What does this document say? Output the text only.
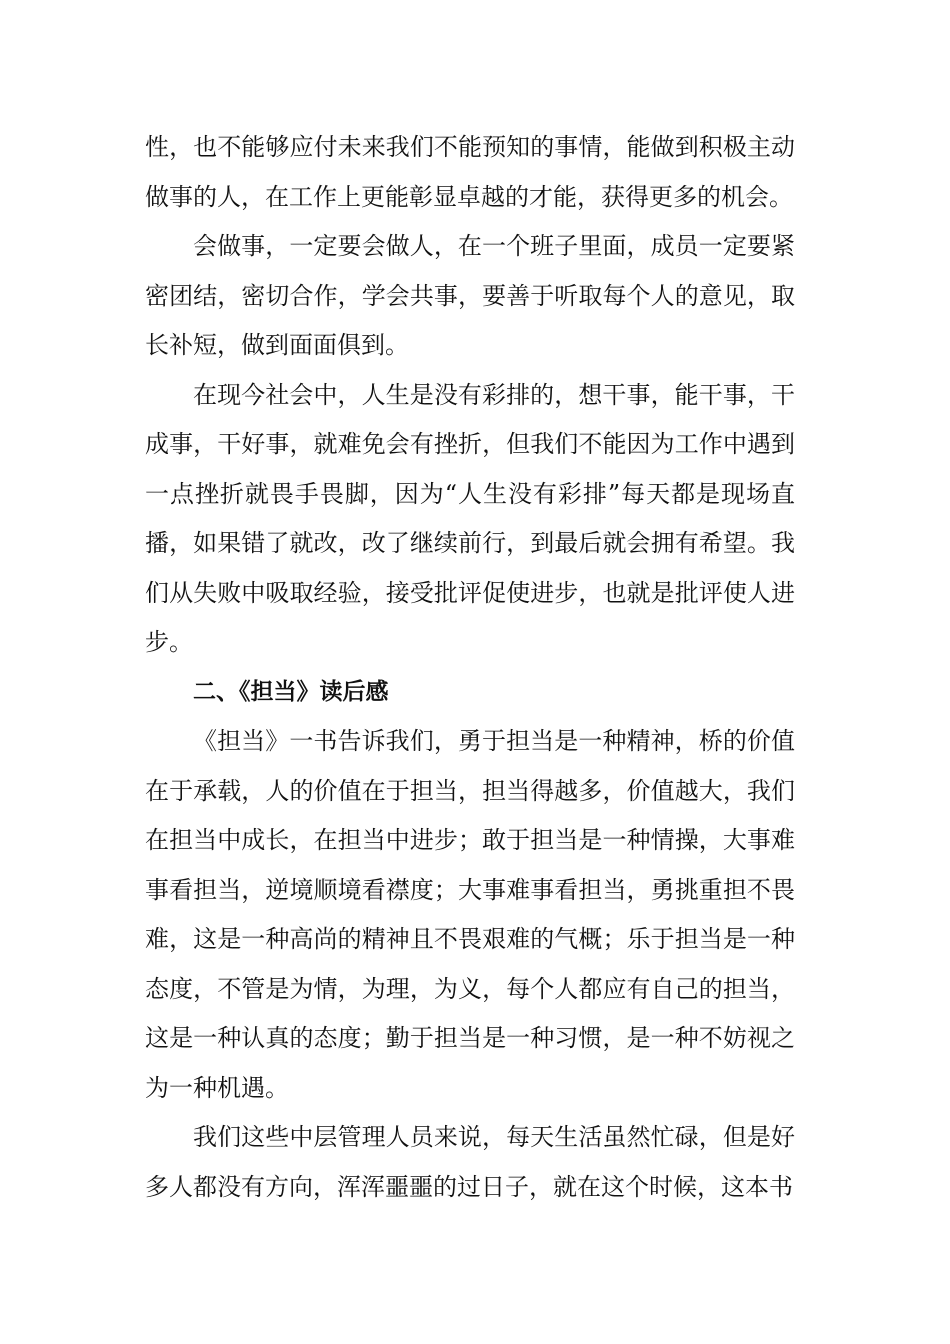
性，也不能够应付未来我们不能预知的事情，能做到积极主动做事的人，在工作上更能彰显卓越的才能，获得更多的机会。

会做事，一定要会做人，在一个班子里面，成员一定要紧密团结，密切合作，学会共事，要善于听取每个人的意见，取长补短，做到面面俱到。

在现今社会中，人生是没有彩排的，想干事，能干事，干成事，干好事，就难免会有挫折，但我们不能因为工作中遇到一点挫折就畏手畏脚，因为“人生没有彩排”每天都是现场直播，如果错了就改，改了继续前行，到最后就会拥有希望。我们从失败中吸取经验，接受批评促使进步，也就是批评使人进步。

二、《担当》读后感

《担当》一书告诉我们，勇于担当是一种精神，桥的价值在于承载，人的价值在于担当，担当得越多，价值越大，我们在担当中成长，在担当中进步；敢于担当是一种情操，大事难事看担当，逆境顺境看襟度；大事难事看担当，勇挑重担不畏难，这是一种高尚的精神且不畏艰难的气概；乐于担当是一种态度，不管是为情，为理，为义，每个人都应有自己的担当，这是一种认真的态度；勤于担当是一种习惯，是一种不妨视之为一种机遇。

我们这些中层管理人员来说，每天生活虽然忙碌，但是好多人都没有方向，浑浑噩噩的过日子，就在这个时候，这本书
